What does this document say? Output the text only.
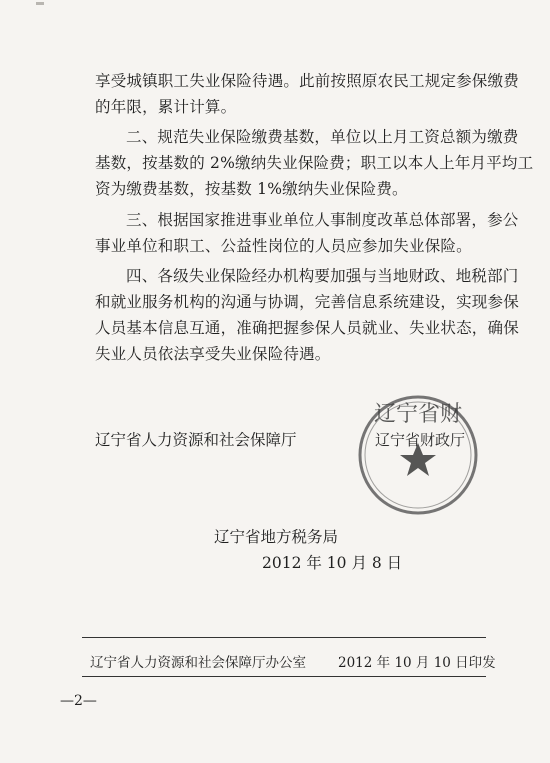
享受城镇职工失业保险待遇。此前按照原农民工规定参保缴费
的年限，累计计算。
二、规范失业保险缴费基数，单位以上月工资总额为缴费
基数，按基数的 2%缴纳失业保险费；职工以本人上年月平均工
资为缴费基数，按基数 1%缴纳失业保险费。
三、根据国家推进事业单位人事制度改革总体部署，参公
事业单位和职工、公益性岗位的人员应参加失业保险。
四、各级失业保险经办机构要加强与当地财政、地税部门
和就业服务机构的沟通与协调，完善信息系统建设，实现参保
人员基本信息互通，准确把握参保人员就业、失业状态，确保
失业人员依法享受失业保险待遇。
辽宁省人力资源和社会保障厅
辽宁省财
辽宁省财政厅
辽宁省地方税务局
2012 年 10 月 8 日
辽宁省人力资源和社会保障厅办公室 2012 年 10 月 10 日印发
—2—
